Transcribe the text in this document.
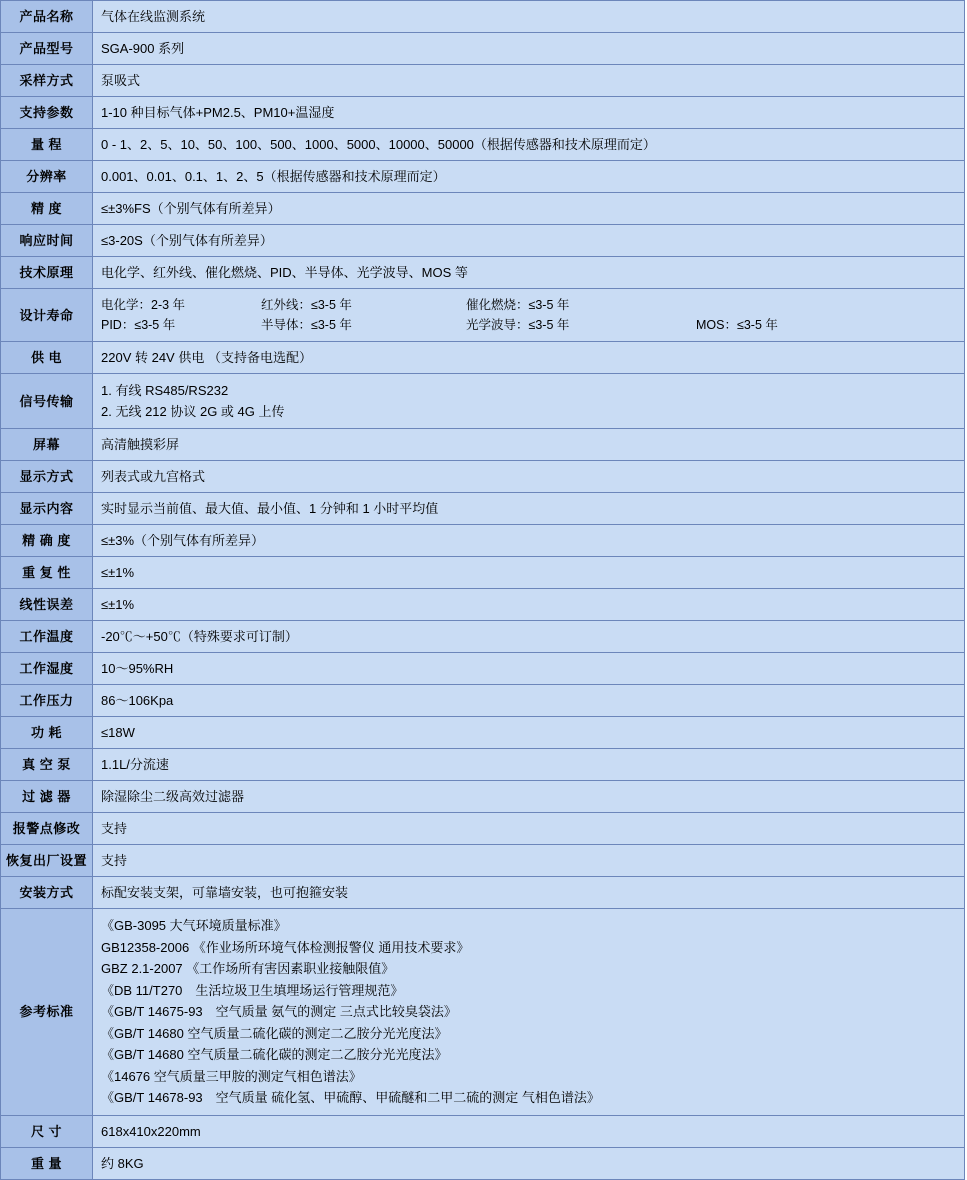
产品名称	气体在线监测系统
产品型号	SGA-900 系列
采样方式	泵吸式
支持参数	1-10 种目标气体+PM2.5、PM10+温湿度
量 程	0 - 1、2、5、10、50、100、500、1000、5000、10000、50000（根据传感器和技术原理而定）
分辨率	0.001、0.01、0.1、1、2、5（根据传感器和技术原理而定）
精 度	≤±3%FS（个别气体有所差异）
响应时间	≤3-20S（个别气体有所差异）
技术原理	电化学、红外线、催化燃烧、PID、半导体、光学波导、MOS 等
设计寿命	
电化学：2-3 年	红外线：≤3-5 年	催化燃烧：≤3-5 年
PID：≤3-5 年	半导体：≤3-5 年	光学波导：≤3-5 年	MOS：≤3-5 年

供 电	220V 转 24V 供电 （支持备电选配）
信号传输	1. 有线 RS485/RS232
2. 无线 212 协议 2G 或 4G 上传

屏幕	高清触摸彩屏
显示方式	列表式或九宫格式
显示内容	实时显示当前值、最大值、最小值、1 分钟和 1 小时平均值
精 确 度	≤±3%（个别气体有所差异）
重 复 性	≤±1%
线性误差	≤±1%
工作温度	-20℃～+50℃（特殊要求可订制）
工作湿度	10～95%RH
工作压力	86～106Kpa
功 耗	≤18W
真 空 泵	1.1L/分流速
过 滤 器	除湿除尘二级高效过滤器
报警点修改	支持
恢复出厂设置	支持
安装方式	标配安装支架，可靠墙安装，也可抱箍安装
参考标准	
《GB-3095 大气环境质量标准》
GB12358-2006 《作业场所环境气体检测报警仪 通用技术要求》
GBZ 2.1-2007 《工作场所有害因素职业接触限值》
《DB 11/T270　生活垃圾卫生填埋场运行管理规范》
《GB/T 14675-93　空气质量 氨气的测定 三点式比较臭袋法》
《GB/T 14680 空气质量二硫化碳的测定二乙胺分光光度法》
《GB/T 14680 空气质量二硫化碳的测定二乙胺分光光度法》
《14676 空气质量三甲胺的测定气相色谱法》
《GB/T 14678-93　空气质量 硫化氢、甲硫醇、甲硫醚和二甲二硫的测定 气相色谱法》

尺 寸	618x410x220mm
重 量	约 8KG
